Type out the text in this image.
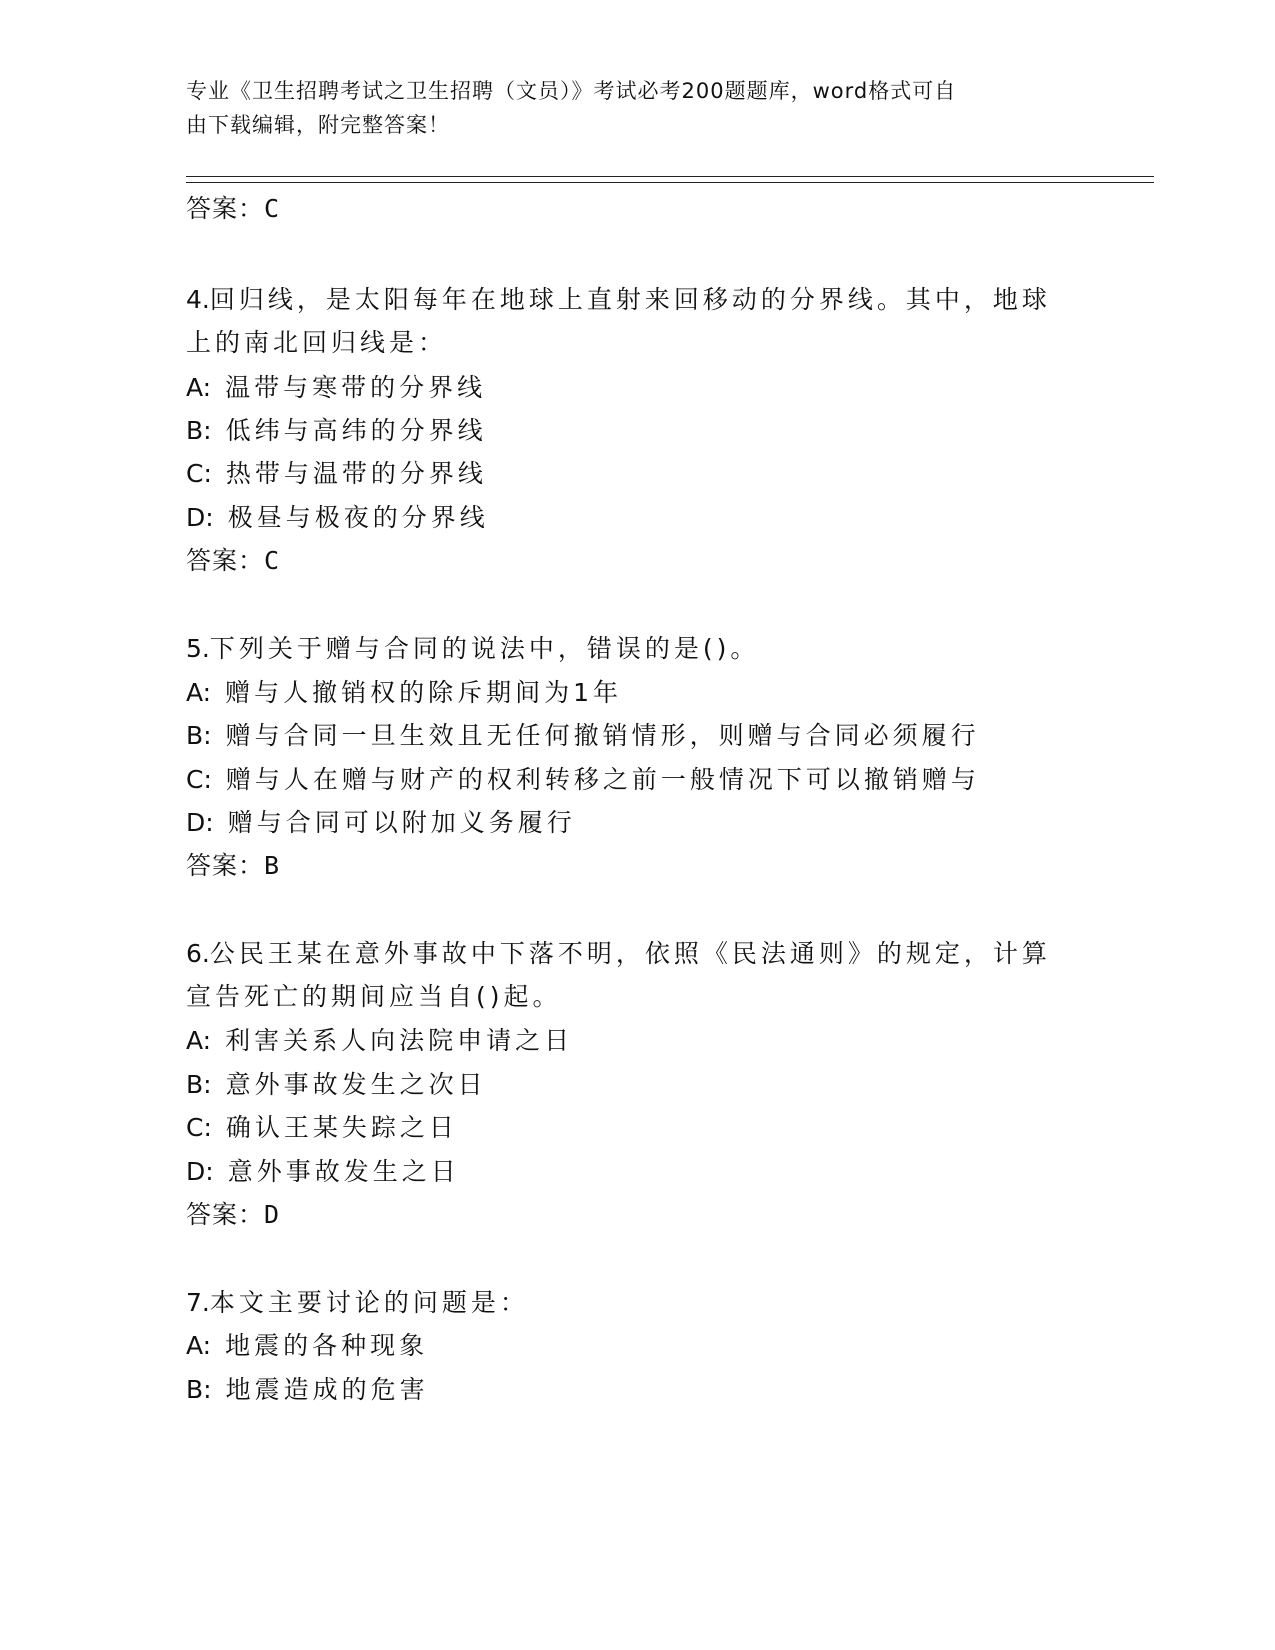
专业《卫生招聘考试之卫生招聘（文员）》考试必考200题题库，word格式可自
由下载编辑，附完整答案！
答案：C
4.回归线，是太阳每年在地球上直射来回移动的分界线。其中，地球
上的南北回归线是：
A: 温带与寒带的分界线
B: 低纬与高纬的分界线
C: 热带与温带的分界线
D: 极昼与极夜的分界线
答案：C
5.下列关于赠与合同的说法中，错误的是()。
A: 赠与人撤销权的除斥期间为1年
B: 赠与合同一旦生效且无任何撤销情形，则赠与合同必须履行
C: 赠与人在赠与财产的权利转移之前一般情况下可以撤销赠与
D: 赠与合同可以附加义务履行
答案：B
6.公民王某在意外事故中下落不明，依照《民法通则》的规定，计算
宣告死亡的期间应当自()起。
A: 利害关系人向法院申请之日
B: 意外事故发生之次日
C: 确认王某失踪之日
D: 意外事故发生之日
答案：D
7.本文主要讨论的问题是：
A: 地震的各种现象
B: 地震造成的危害
